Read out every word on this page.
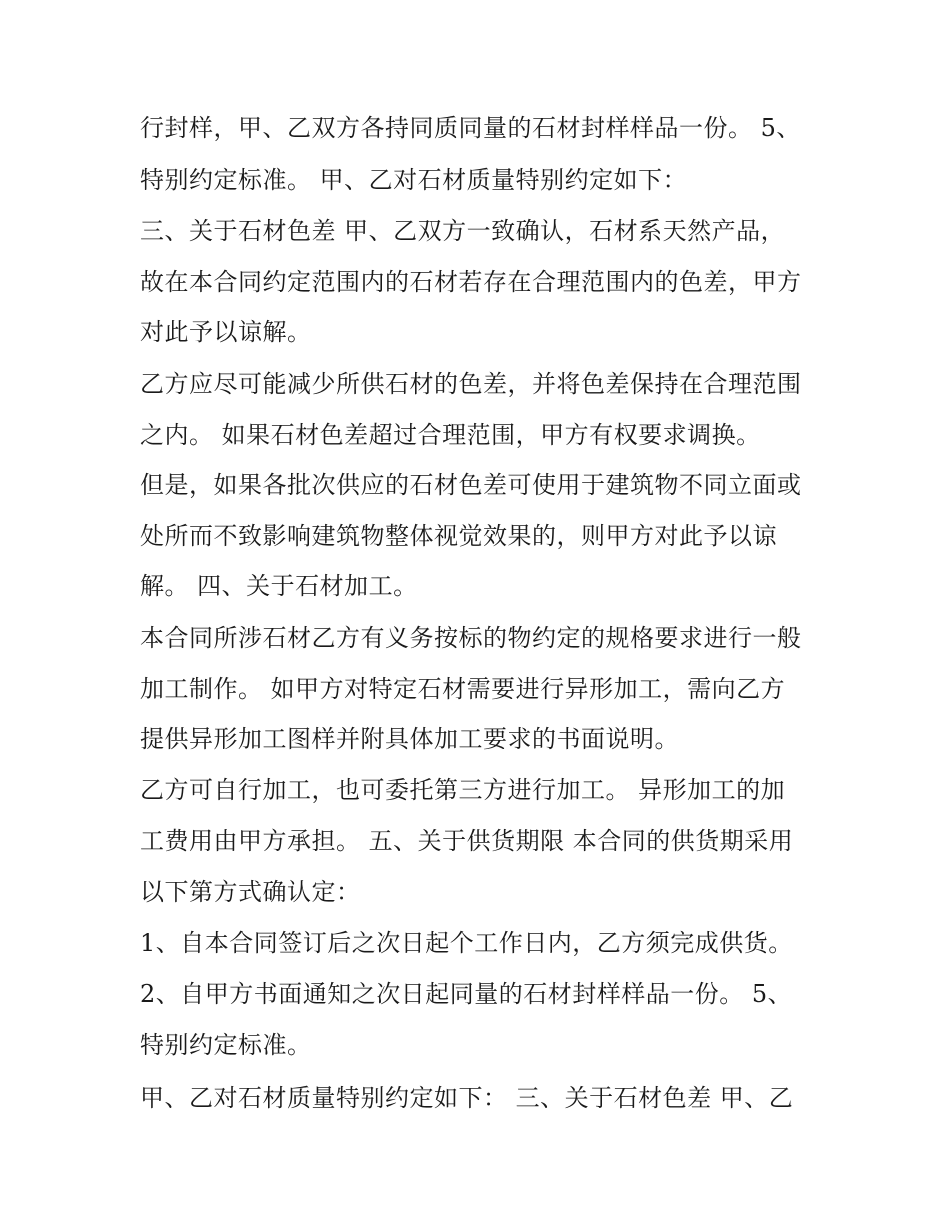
行封样，甲、乙双方各持同质同量的石材封样样品一份。 5、
特别约定标准。 甲、乙对石材质量特别约定如下：
三、关于石材色差 甲、乙双方一致确认，石材系天然产品，
故在本合同约定范围内的石材若存在合理范围内的色差，甲方
对此予以谅解。
乙方应尽可能减少所供石材的色差，并将色差保持在合理范围
之内。 如果石材色差超过合理范围，甲方有权要求调换。
但是，如果各批次供应的石材色差可使用于建筑物不同立面或
处所而不致影响建筑物整体视觉效果的，则甲方对此予以谅
解。 四、关于石材加工。
本合同所涉石材乙方有义务按标的物约定的规格要求进行一般
加工制作。 如甲方对特定石材需要进行异形加工，需向乙方
提供异形加工图样并附具体加工要求的书面说明。
乙方可自行加工，也可委托第三方进行加工。 异形加工的加
工费用由甲方承担。 五、关于供货期限 本合同的供货期采用
以下第方式确认定：
1、自本合同签订后之次日起个工作日内，乙方须完成供货。
2、自甲方书面通知之次日起同量的石材封样样品一份。 5、
特别约定标准。
甲、乙对石材质量特别约定如下： 三、关于石材色差 甲、乙
